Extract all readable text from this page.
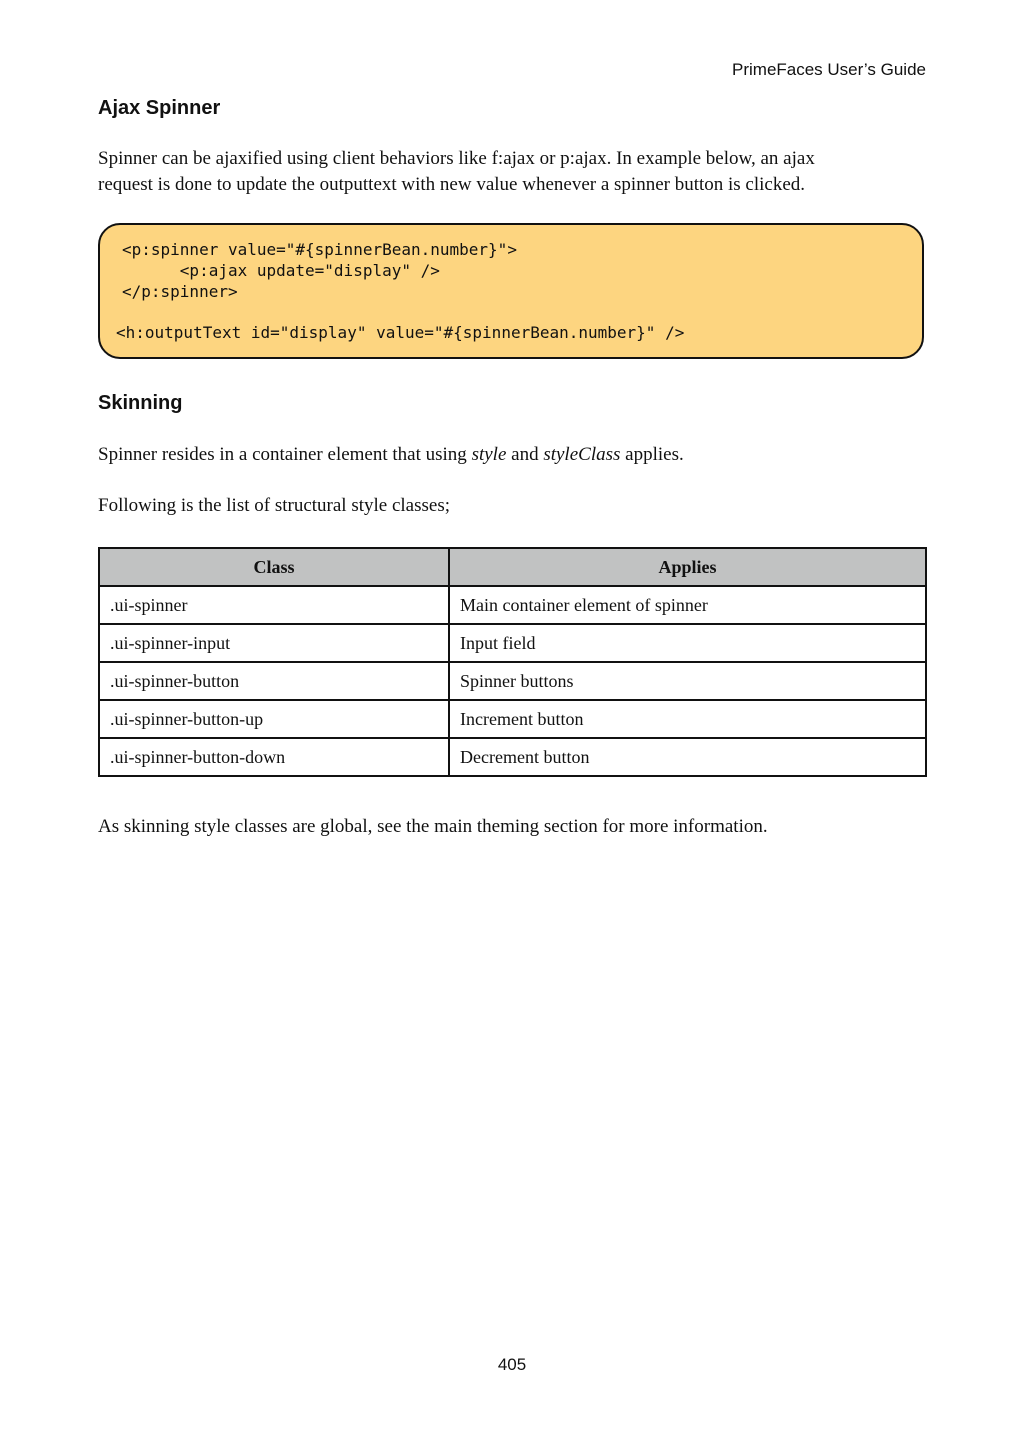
PrimeFaces User’s Guide
Ajax Spinner
Spinner can be ajaxified using client behaviors like f:ajax or p:ajax. In example below, an ajax
request is done to update the outputtext with new value whenever a spinner button is clicked.
<p:spinner value="#{spinnerBean.number}">
<p:ajax update="display" />
</p:spinner>
<h:outputText id="display" value="#{spinnerBean.number}" />
Skinning
Spinner resides in a container element that using style and styleClass applies.
Following is the list of structural style classes;
Class	Applies
.ui-spinner	Main container element of spinner
.ui-spinner-input	Input field
.ui-spinner-button	Spinner buttons
.ui-spinner-button-up	Increment button
.ui-spinner-button-down	Decrement button
As skinning style classes are global, see the main theming section for more information.
405
